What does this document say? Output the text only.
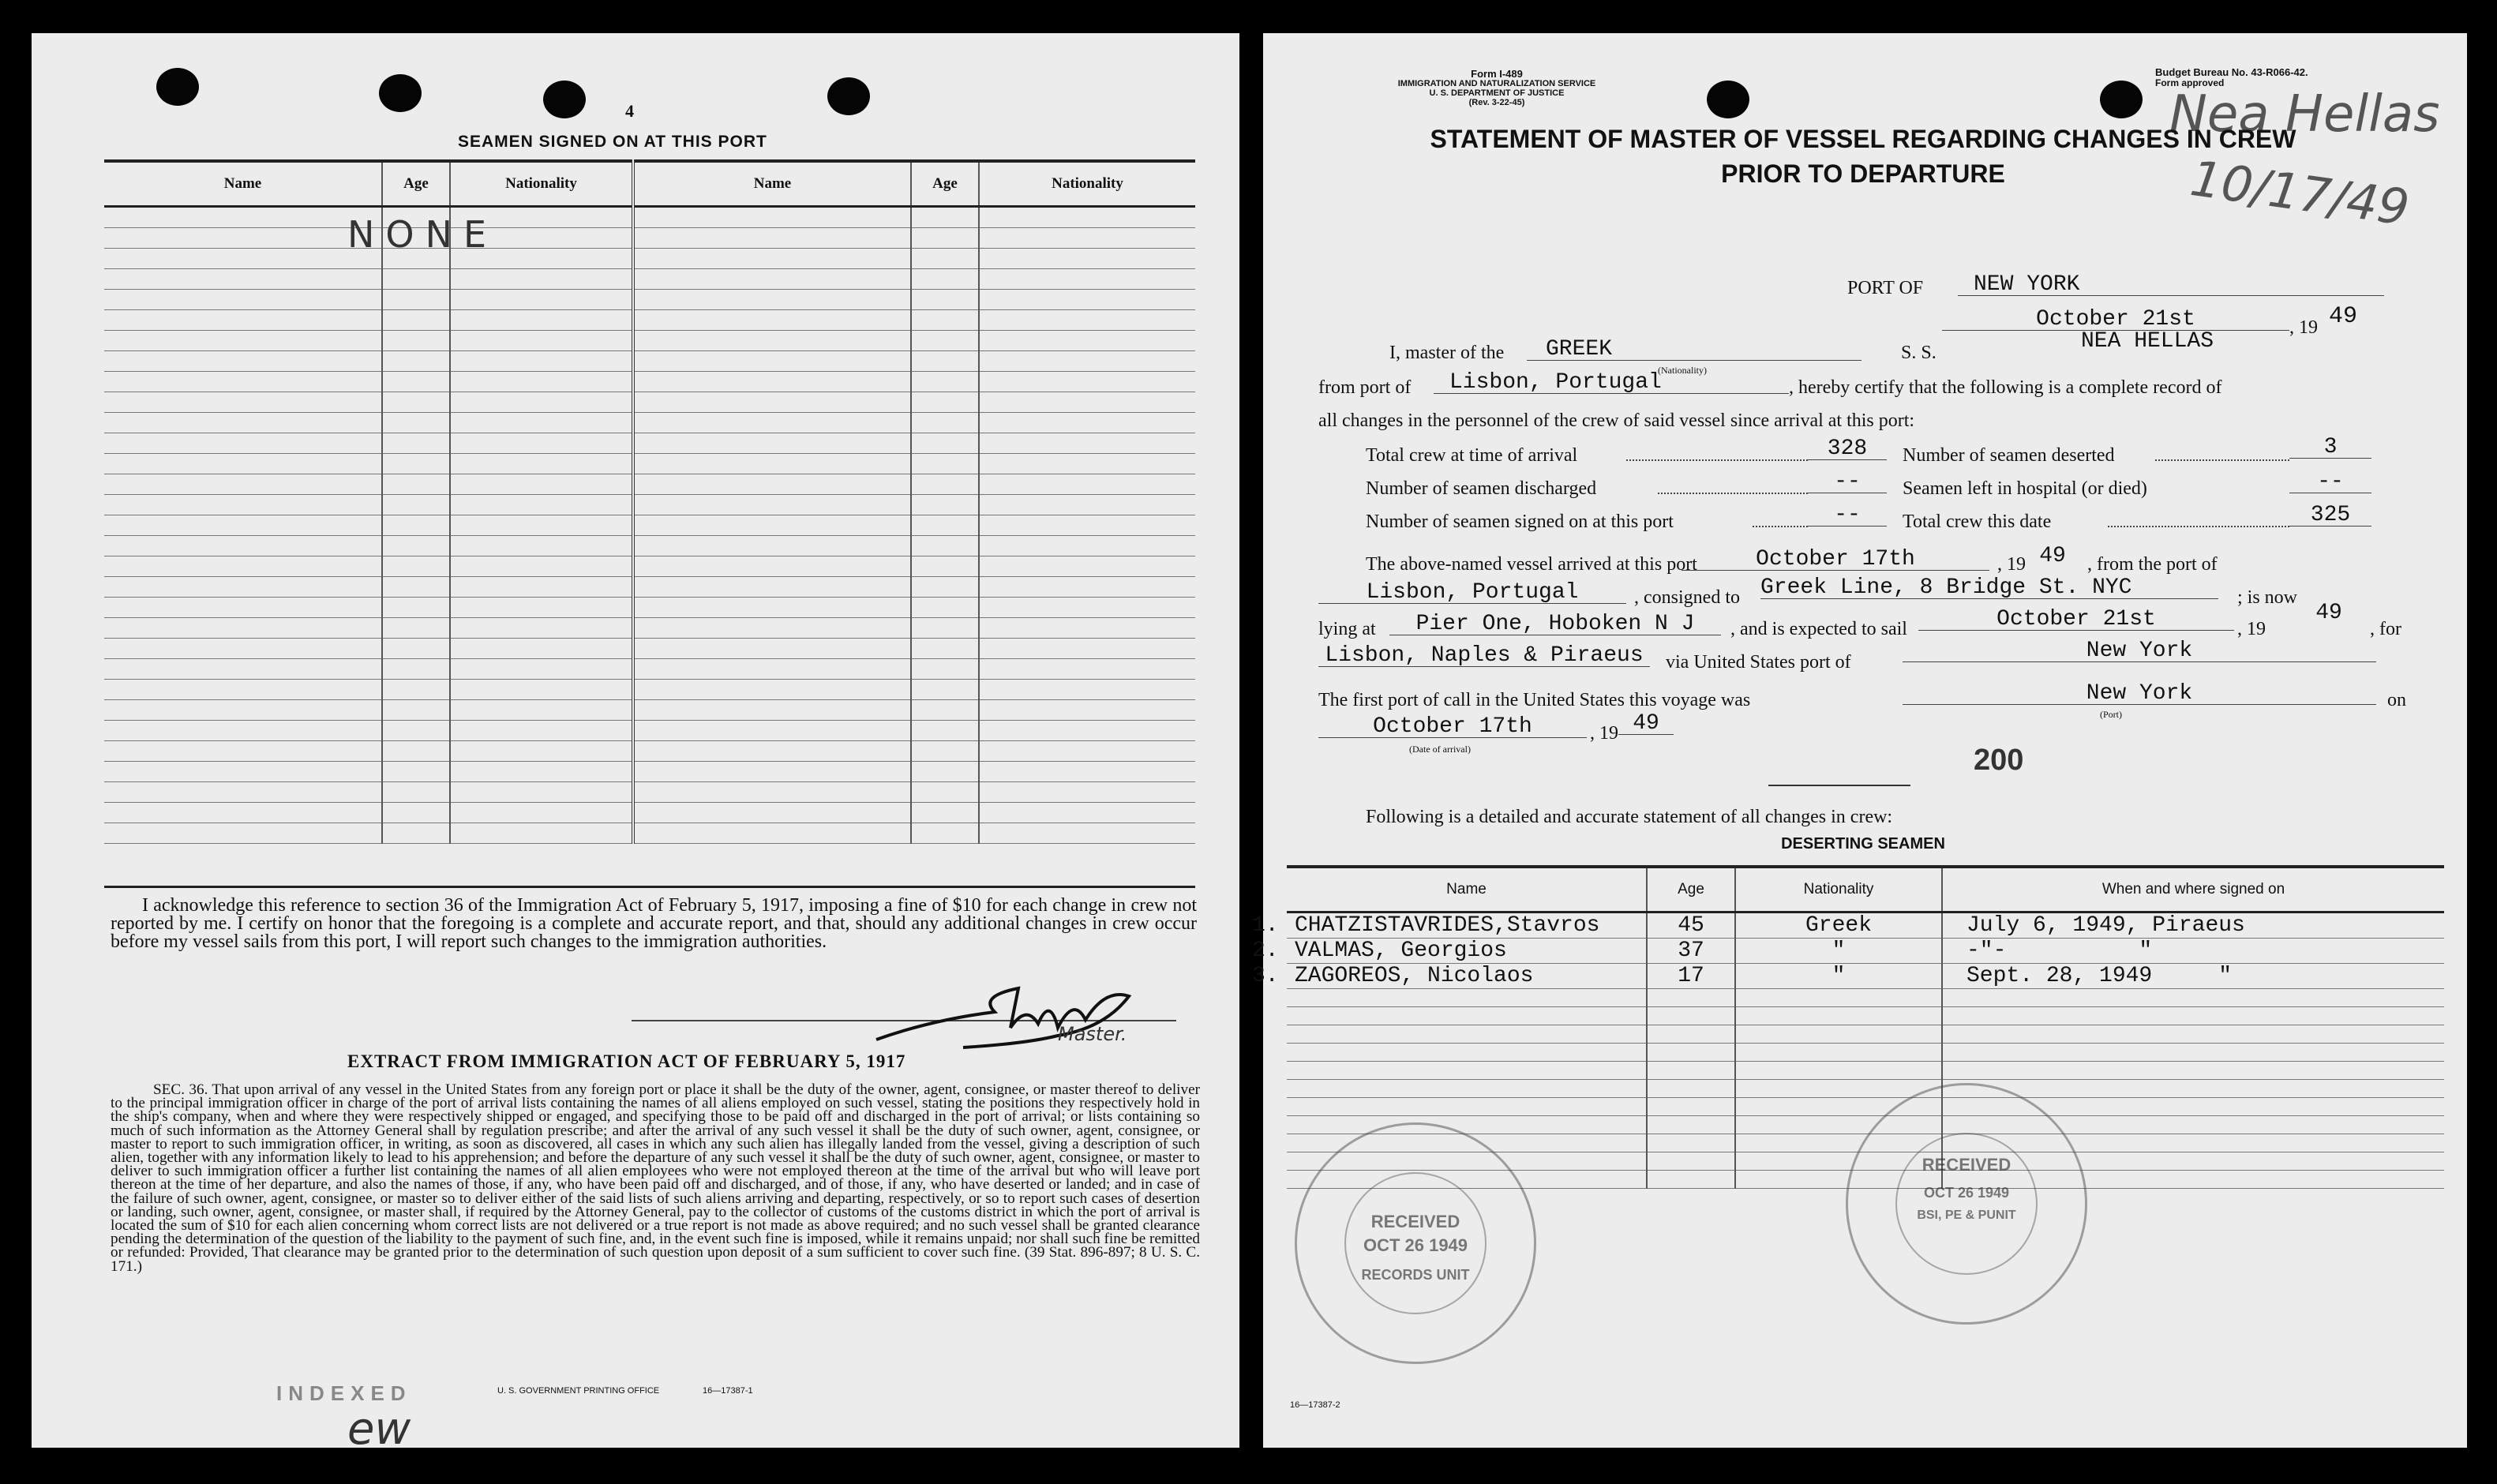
4
SEAMEN SIGNED ON AT THIS PORT
Name	Age	Nationality	Name	Age	Nationality

NONE
I acknowledge this reference to section 36 of the Immigration Act of February 5, 1917, imposing a fine of $10 for each change in crew not reported by me. I certify on honor that the foregoing is a complete and accurate report, and that, should any additional changes in crew occur before my vessel sails from this port, I will report such changes to the immigration authorities.
Master.
EXTRACT FROM IMMIGRATION ACT OF FEBRUARY 5, 1917
SEC. 36. That upon arrival of any vessel in the United States from any foreign port or place it shall be the duty of the owner, agent, consignee, or master thereof to deliver to the principal immigration officer in charge of the port of arrival lists containing the names of all aliens employed on such vessel, stating the positions they respectively hold in the ship's company, when and where they were respectively shipped or engaged, and specifying those to be paid off and discharged in the port of arrival; or lists containing so much of such information as the Attorney General shall by regulation prescribe; and after the arrival of any such vessel it shall be the duty of such owner, agent, consignee, or master to report to such immigration officer, in writing, as soon as discovered, all cases in which any such alien has illegally landed from the vessel, giving a description of such alien, together with any information likely to lead to his apprehension; and before the departure of any such vessel it shall be the duty of such owner, agent, consignee, or master to deliver to such immigration officer a further list containing the names of all alien employees who were not employed thereon at the time of the arrival but who will leave port thereon at the time of her departure, and also the names of those, if any, who have been paid off and discharged, and of those, if any, who have deserted or landed; and in case of the failure of such owner, agent, consignee, or master so to deliver either of the said lists of such aliens arriving and departing, respectively, or so to report such cases of desertion or landing, such owner, agent, consignee, or master shall, if required by the Attorney General, pay to the collector of customs of the customs district in which the port of arrival is located the sum of $10 for each alien concerning whom correct lists are not delivered or a true report is not made as above required; and no such vessel shall be granted clearance pending the determination of the question of the liability to the payment of such fine, and, in the event such fine is imposed, while it remains unpaid; nor shall such fine be remitted or refunded: Provided, That clearance may be granted prior to the determination of such question upon deposit of a sum sufficient to cover such fine. (39 Stat. 896-897; 8 U. S. C. 171.)
INDEXED	U. S. GOVERNMENT PRINTING OFFICE	16—17387-1
ew
Form I-489
IMMIGRATION AND NATURALIZATION SERVICE
U. S. DEPARTMENT OF JUSTICE
(Rev. 3-22-45)
Budget Bureau No. 43-R066-42.
Form approved
Nea Hellas
10/17/49
STATEMENT OF MASTER OF VESSEL REGARDING CHANGES IN CREW
PRIOR TO DEPARTURE
PORT OF	NEW YORK
October 21st	, 19 49
I, master of the	GREEK
(Nationality)
S. S.	NEA HELLAS
from port of	Lisbon, Portugal	, hereby certify that the following is a complete record of
all changes in the personnel of the crew of said vessel since arrival at this port:
Total crew at time of arrival	328	Number of seamen deserted	3
Number of seamen discharged	--	Seamen left in hospital (or died)	--
Number of seamen signed on at this port	--	Total crew this date	325
The above-named vessel arrived at this port	October 17th	, 19 49	, from the port of
Lisbon, Portugal	, consigned to Greek Line, 8 Bridge St. NYC	; is now
lying at	Pier One, Hoboken N J	, and is expected to sail	October 21st	, 19
49
, for
Lisbon, Naples & Piraeus	via United States port of	New York
The first port of call in the United States this voyage was	New York	on
(Port)
October 17th	, 19 49
(Date of arrival)	200
Following is a detailed and accurate statement of all changes in crew:
DESERTING SEAMEN
Name	Age	Nationality	When and where signed on

1. CHATZISTAVRIDES,Stavros	45	Greek	July 6, 1949, Piraeus

2. VALMAS, Georgios	37	"	-"-          "

3. ZAGOREOS, Nicolaos	17	"	Sept. 28, 1949     "

RECEIVED
OCT 26 1949
RECORDS UNIT
RECEIVED
OCT 26 1949
BSI, PE & PUNIT
16—17387-2
